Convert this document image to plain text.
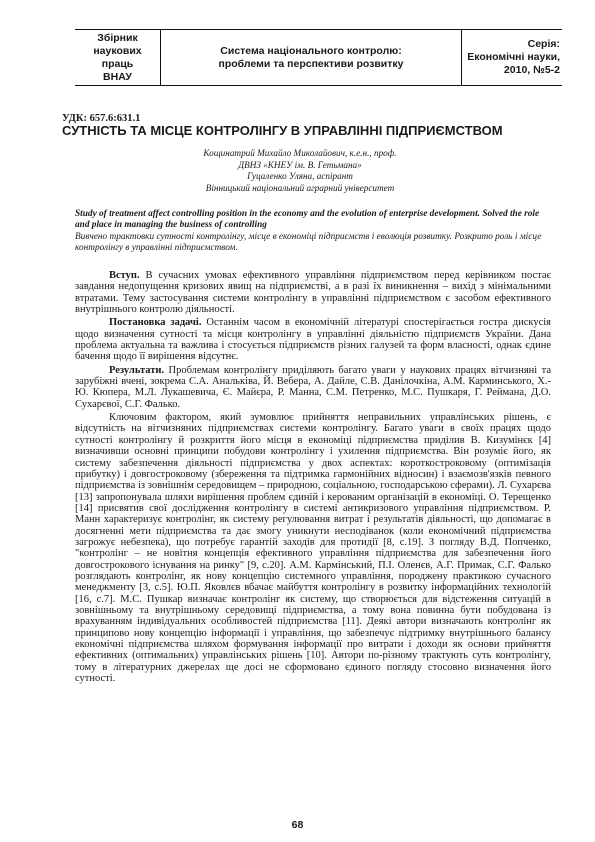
Збірник
наукових праць
ВНАУ
Система національного контролю:
проблеми та перспективи розвитку
Серія:
Економічні науки,
2010, №5-2
УДК: 657.6:631.1
СУТНІСТЬ ТА МІСЦЕ КОНТРОЛІНГУ В УПРАВЛІННІ ПІДПРИЄМСТВОМ
Кощинатрий Михайло Миколайович, к.е.н., проф.
ДВНЗ «КНЕУ ім. В. Гетьмана»
Гуцаленко Уляна, аспірант
Вінницький національний аграрний університет
Study of treatment affect controlling position in the economy and the evolution of enterprise development. Solved the role and place in managing the business of controlling
Вивчено трактовки сутності контролінгу, місце в економіці підприємств і еволюція розвитку. Розкрито роль і місце контролінгу в управлінні підприємством.

Вступ. В сучасних умовах ефективного управління підприємством перед керівником постає завдання недопущення кризових явищ на підприємстві, а в разі їх виникнення – вихід з мінімальними втратами. Тему застосування системи контролінгу в управлінні підприємством є засобом ефективного внутрішнього контролю діяльності.

Постановка задачі. Останнім часом в економічній літературі спостерігається гостра дискусія щодо визначення сутності та місця контролінгу в управлінні діяльністю підприємств України. Дана проблема актуальна та важлива і стосується підприємств різних галузей та форм власності, однак єдине бачення щодо її вирішення відсутнє.

Результати. Проблемам контролінгу приділяють багато уваги у наукових працях вітчизняні та зарубіжні вчені, зокрема С.А. Анальківа, Й. Вебера, А. Дайле, С.В. Данілочкіна, А.М. Карминського, Х.-Ю. Кюпера, М.Л. Лукашевича, Є. Майєра, Р. Манна, С.М. Петренко, М.С. Пушкаря, Г. Реймана, Д.О. Сухарєвої, С.Г. Фалько.

Ключовим фактором, який зумовлює прийняття неправильних управлінських рішень, є відсутність на вітчизняних підприємствах системи контролінгу. Багато уваги в своїх працях щодо сутності контролінгу й розкриття його місця в економіці підприємства приділив В. Кизумінєк [4] визначивши основні принципи побудови контролінгу і ухилення підприємства. Він розуміє його, як систему забезпечення діяльності підприємства у двох аспектах: короткостроковому (оптимізація прибутку) і довгостроковому (збереження та підтримка гармонійних відносин) і взаємозв'язків певного підприємства із зовнішнім середовищем – природною, соціальною, господарською сферами). Л. Сухарєва [13] запропонувала шляхи вирішення проблем єдиній і керованим організацій в економіці. О. Терещенко [14] присвятив свої дослідження контролінгу в системі антикризового управління підприємством. Р. Манн характеризує контролінг, як систему регулювання витрат і результатів діяльності, що допомагає в досягненні мети підприємства та дає змогу уникнути несподіванок (коли економічний підприємства загрожує небезпека), що потребує гарантій заходів для протидії [8, с.19]. З погляду В.Д. Попченко, "контролінг – не новітня концепція ефективного управління підприємства для забезпечення його довгострокового існування на ринку" [9, с.20]. А.М. Кармінський, П.І. Оленєв, А.Г. Примак, С.Г. Фалько розглядають контролінг, як нову концепцію системного управління, породжену практикою сучасного менеджменту [3, с.5]. Ю.П. Яковлєв вбачає майбуття контролінгу в розвитку інформаційних технологій [16, с.7]. М.С. Пушкар визначає контролінг як систему, що створюється для відстеження ситуацій в зовнішньому та внутрішньому середовищі підприємства, а тому вона повинна бути побудована із врахуванням індивідуальних особливостей підприємства [11]. Деякі автори визначають контролінг як принципово нову концепцію інформації і управління, що забезпечує підтримку внутрішнього балансу економічні підприємства шляхом формування інформації про витрати і доходи як основи прийняття ефективних (оптимальних) управлінських рішень [10]. Автори по-різному трактують суть контролінгу, тому в літературних джерелах ще досі не сформовано єдиного погляду стосовно визначення його сутності.

68
